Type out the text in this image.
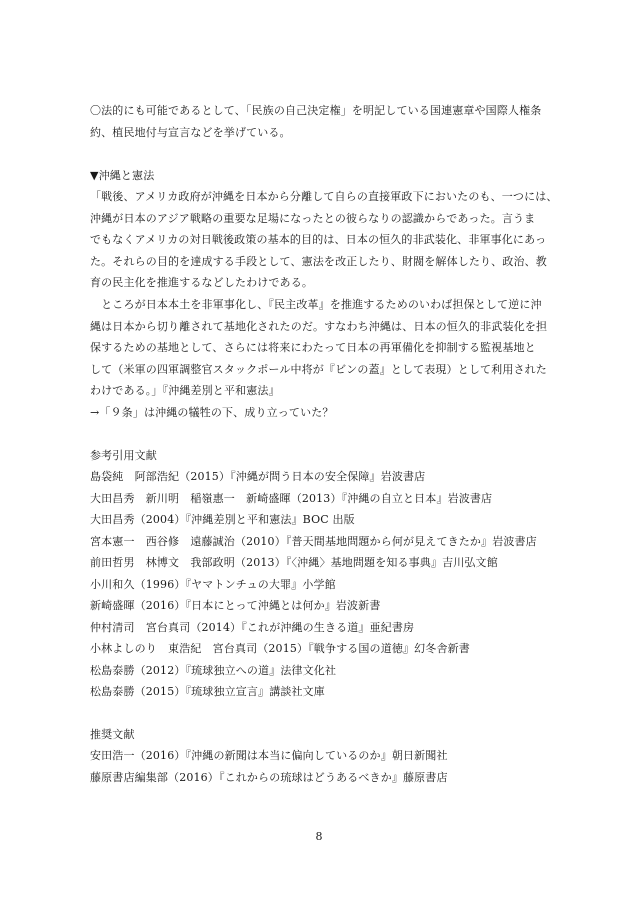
〇法的にも可能であるとして、「民族の自己決定権」を明記している国連憲章や国際人権条
約、植民地付与宣言などを挙げている。
▼沖縄と憲法
「戦後、アメリカ政府が沖縄を日本から分離して自らの直接軍政下においたのも、一つには、
沖縄が日本のアジア戦略の重要な足場になったとの彼らなりの認識からであった。言うま
でもなくアメリカの対日戦後政策の基本的目的は、日本の恒久的非武装化、非軍事化にあっ
た。それらの目的を達成する手段として、憲法を改正したり、財閥を解体したり、政治、教
育の民主化を推進するなどしたわけである。
　ところが日本本土を非軍事化し、『民主改革』を推進するためのいわば担保として逆に沖
縄は日本から切り離されて基地化されたのだ。すなわち沖縄は、日本の恒久的非武装化を担
保するための基地として、さらには将来にわたって日本の再軍備化を抑制する監視基地と
して（米軍の四軍調整官スタックポール中将が『ビンの蓋』として表現）として利用された
わけである。」『沖縄差別と平和憲法』
→「９条」は沖縄の犠牲の下、成り立っていた？
参考引用文献
島袋純　阿部浩紀（2015）『沖縄が問う日本の安全保障』岩波書店
大田昌秀　新川明　稲嶺惠一　新崎盛暉（2013）『沖縄の自立と日本』岩波書店
大田昌秀（2004）『沖縄差別と平和憲法』BOC 出版
宮本憲一　西谷修　遠藤誠治（2010）『普天間基地問題から何が見えてきたか』岩波書店
前田哲男　林博文　我部政明（2013）『〈沖縄〉基地問題を知る事典』吉川弘文館
小川和久（1996）『ヤマトンチュの大罪』小学館
新崎盛暉（2016）『日本にとって沖縄とは何か』岩波新書
仲村清司　宮台真司（2014）『これが沖縄の生きる道』亜紀書房
小林よしのり　東浩紀　宮台真司（2015）『戦争する国の道徳』幻冬舎新書
松島泰勝（2012）『琉球独立への道』法律文化社
松島泰勝（2015）『琉球独立宣言』講談社文庫
推奨文献
安田浩一（2016）『沖縄の新聞は本当に偏向しているのか』朝日新聞社
藤原書店編集部（2016）『これからの琉球はどうあるべきか』藤原書店
8
